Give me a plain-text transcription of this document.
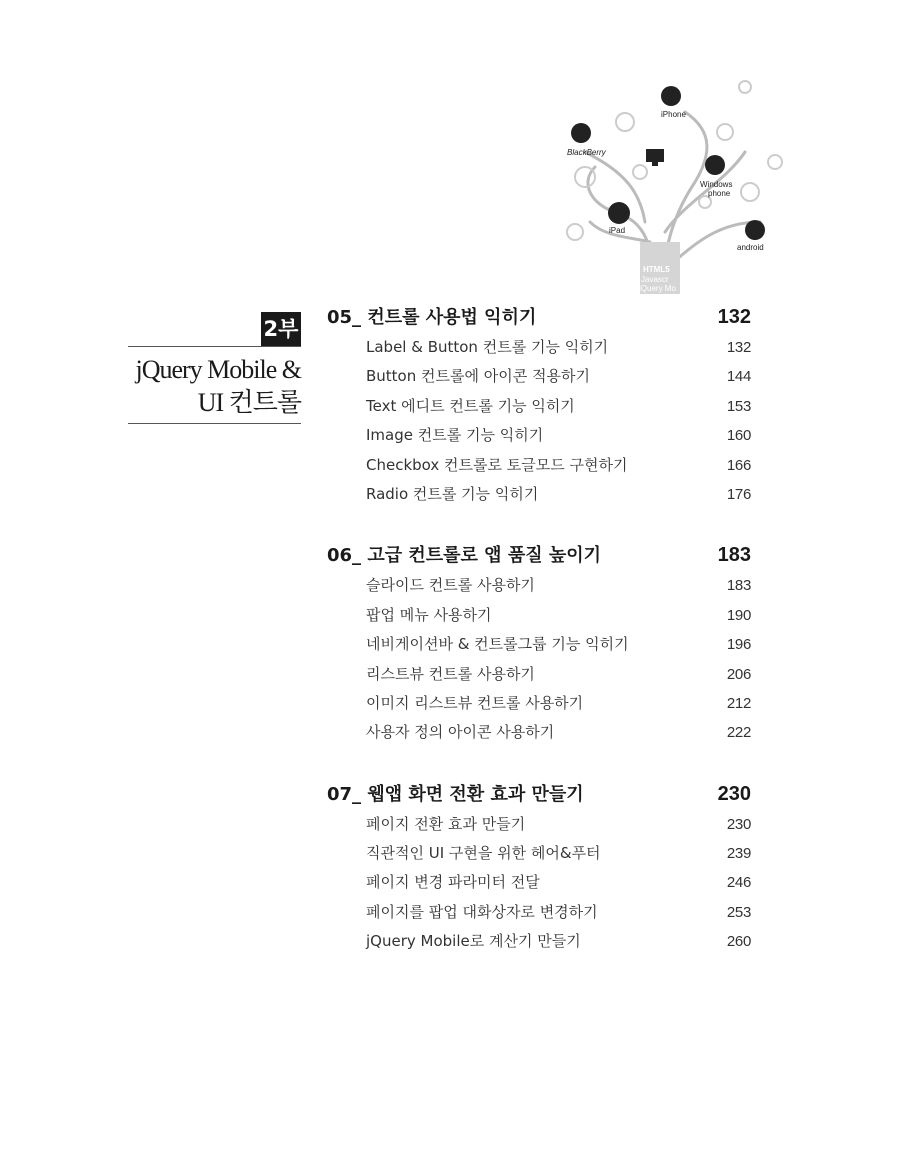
iPhone
BlackBerry
Windows
phone
iPad
android
HTML5
Javascr
jQuery Mo
2부
jQuery Mobile &
UI 컨트롤
05_ 컨트롤 사용법 익히기	132
Label & Button 컨트롤 기능 익히기	132
Button 컨트롤에 아이콘 적용하기	144
Text 에디트 컨트롤 기능 익히기	153
Image 컨트롤 기능 익히기	160
Checkbox 컨트롤로 토글모드 구현하기	166
Radio 컨트롤 기능 익히기	176
06_ 고급 컨트롤로 앱 품질 높이기	183
슬라이드 컨트롤 사용하기	183
팝업 메뉴 사용하기	190
네비게이션바 & 컨트롤그룹 기능 익히기	196
리스트뷰 컨트롤 사용하기	206
이미지 리스트뷰 컨트롤 사용하기	212
사용자 정의 아이콘 사용하기	222
07_ 웹앱 화면 전환 효과 만들기	230
페이지 전환 효과 만들기	230
직관적인 UI 구현을 위한 헤어&푸터	239
페이지 변경 파라미터 전달	246
페이지를 팝업 대화상자로 변경하기	253
jQuery Mobile로 계산기 만들기	260
